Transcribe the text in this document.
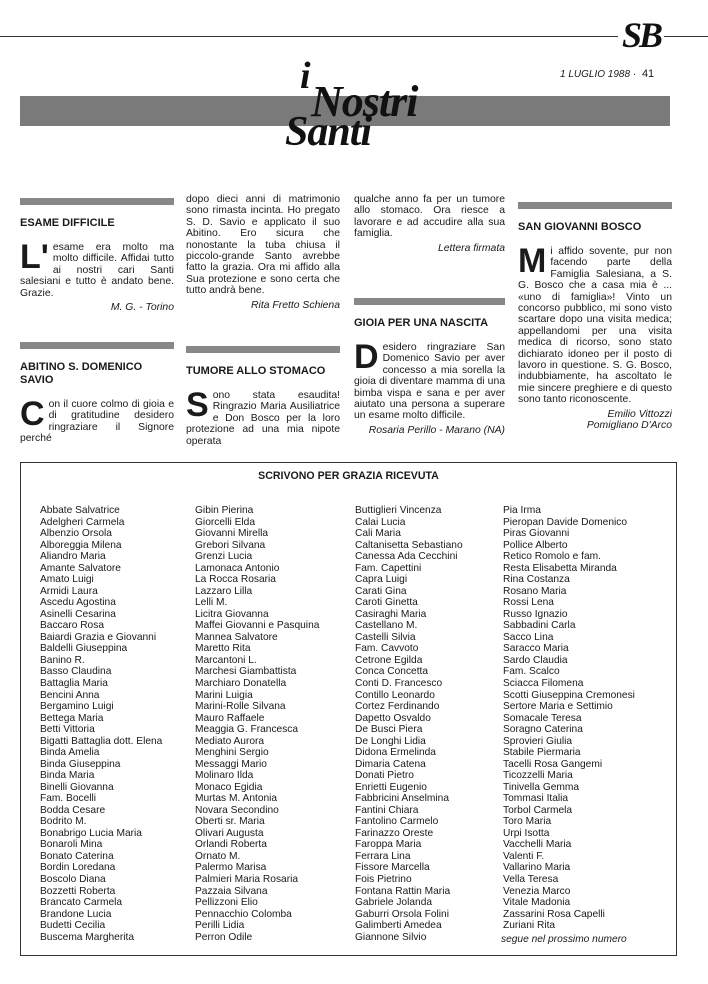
SB
1 LUGLIO 1988 · 41
i
Nostri
Santi
ESAME DIFFICILE
L' esame era molto ma molto difficile. Affidai tutto ai nostri cari Santi salesiani e tutto è andato bene. Grazie.
M. G. - Torino
ABITINO S. DOMENICO SAVIO
Con il cuore colmo di gioia e di gratitudine desidero ringraziare il Signore perché
dopo dieci anni di matrimonio sono rimasta incinta. Ho pregato S. D. Savio e applicato il suo Abitino. Ero sicura che nonostante la tuba chiusa il piccolo-grande Santo avrebbe fatto la grazia. Ora mi affido alla Sua protezione e sono certa che tutto andrà bene.
Rita Fretto Schiena
TUMORE ALLO STOMACO
Sono stata esaudita! Ringrazio Maria Ausiliatrice e Don Bosco per la loro protezione ad una mia nipote operata
qualche anno fa per un tumore allo stomaco. Ora riesce a lavorare e ad accudire alla sua famiglia.
Lettera firmata
GIOIA PER UNA NASCITA
Desidero ringraziare San Domenico Savio per aver concesso a mia sorella la gioia di diventare mamma di una bimba vispa e sana e per aver aiutato una persona a superare un esame molto difficile.
Rosaria Perillo - Marano (NA)
SAN GIOVANNI BOSCO
Mi affido sovente, pur non facendo parte della Famiglia Salesiana, a S. G. Bosco che a casa mia è ... «uno di famiglia»! Vinto un concorso pubblico, mi sono visto scartare dopo una visita medica; appellandomi per una visita medica di ricorso, sono stato dichiarato idoneo per il posto di lavoro in questione. S. G. Bosco, indubbiamente, ha ascoltato le mie sincere preghiere e di questo sono tanto riconoscente.
Emilio Vittozzi
Pomigliano D'Arco
SCRIVONO PER GRAZIA RICEVUTA
Abbate Salvatrice
Adelgheri Carmela
Albenzio Orsola
Alboreggia Milena
Aliandro Maria
Amante Salvatore
Amato Luigi
Armidi Laura
Ascedu Agostina
Asinelli Cesarina
Baccaro Rosa
Baiardi Grazia e Giovanni
Baldelli Giuseppina
Banino R.
Basso Claudina
Battaglia Maria
Bencini Anna
Bergamino Luigi
Bettega Maria
Betti Vittoria
Bigatti Battaglia dott. Elena
Binda Amelia
Binda Giuseppina
Binda Maria
Binelli Giovanna
Fam. Bocelli
Bodda Cesare
Bodrito M.
Bonabrigo Lucia Maria
Bonaroli Mina
Bonato Caterina
Bordin Loredana
Boscolo Diana
Bozzetti Roberta
Brancato Carmela
Brandone Lucia
Budetti Cecilia
Buscema Margherita
Gibin Pierina
Giorcelli Elda
Giovanni Mirella
Grebori Silvana
Grenzi Lucia
Lamonaca Antonio
La Rocca Rosaria
Lazzaro Lilla
Lelli M.
Licitra Giovanna
Maffei Giovanni e Pasquina
Mannea Salvatore
Maretto Rita
Marcantoni L.
Marchesi Giambattista
Marchiaro Donatella
Marini Luigia
Marini-Rolle Silvana
Mauro Raffaele
Meaggia G. Francesca
Mediato Aurora
Menghini Sergio
Messaggi Mario
Molinaro Ilda
Monaco Egidia
Murtas M. Antonia
Novara Secondino
Oberti sr. Maria
Olivari Augusta
Orlandi Roberta
Ornato M.
Palermo Marisa
Palmieri Maria Rosaria
Pazzaia Silvana
Pellizzoni Elio
Pennacchio Colomba
Perilli Lidia
Perron Odile
Buttiglieri Vincenza
Calai Lucia
Cali Maria
Caltanisetta Sebastiano
Canessa Ada Cecchini
Fam. Capettini
Capra Luigi
Carati Gina
Caroti Ginetta
Casiraghi Maria
Castellano M.
Castelli Silvia
Fam. Cavvoto
Cetrone Egilda
Conca Concetta
Conti D. Francesco
Contillo Leonardo
Cortez Ferdinando
Dapetto Osvaldo
De Busci Piera
De Longhi Lidia
Didona Ermelinda
Dimaria Catena
Donati Pietro
Enrietti Eugenio
Fabbricini Anselmina
Fantini Chiara
Fantolino Carmelo
Farinazzo Oreste
Faroppa Maria
Ferrara Lina
Fissore Marcella
Fois Pietrino
Fontana Rattin Maria
Gabriele Jolanda
Gaburri Orsola Folini
Galimberti Amedea
Giannone Silvio
Pia Irma
Pieropan Davide Domenico
Piras Giovanni
Pollice Alberto
Retico Romolo e fam.
Resta Elisabetta Miranda
Rina Costanza
Rosano Maria
Rossi Lena
Russo Ignazio
Sabbadini Carla
Sacco Lina
Saracco Maria
Sardo Claudia
Fam. Scalco
Sciacca Filomena
Scotti Giuseppina Cremonesi
Sertore Maria e Settimio
Somacale Teresa
Soragno Caterina
Sprovieri Giulia
Stabile Piermaria
Tacelli Rosa Gangemi
Ticozzelli Maria
Tinivella Gemma
Tommasi Italia
Torbol Carmela
Toro Maria
Urpi Isotta
Vacchelli Maria
Valenti F.
Vallarino Maria
Vella Teresa
Venezia Marco
Vitale Madonia
Zassarini Rosa Capelli
Zuriani Rita
segue nel prossimo numero
